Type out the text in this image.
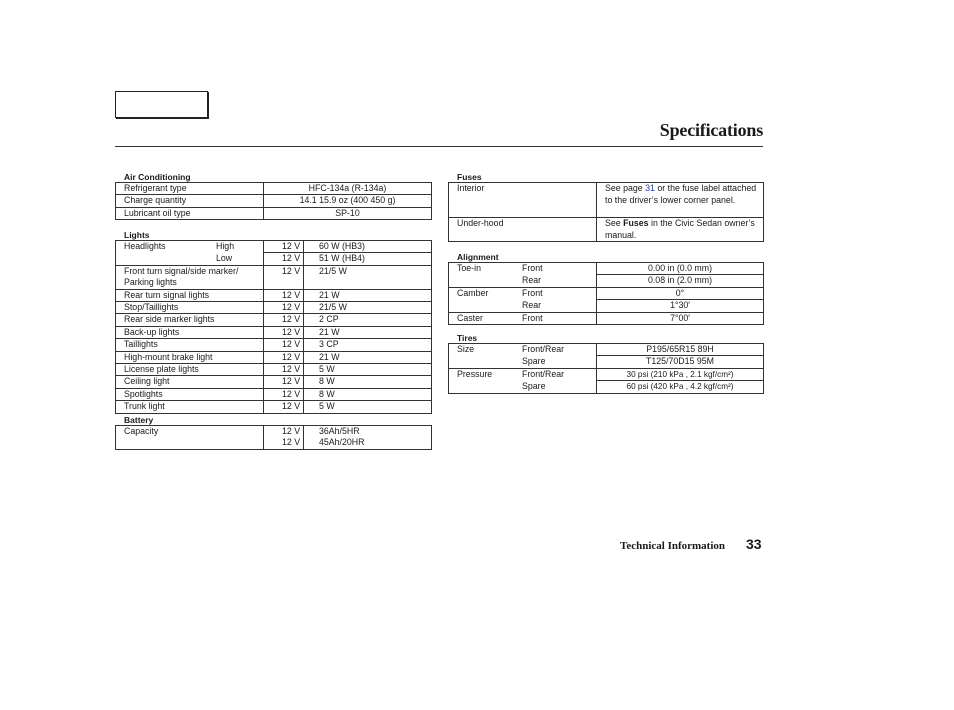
Specifications
Air Conditioning
Refrigerant type	HFC-134a (R-134a)
Charge quantity	14.1 15.9 oz (400 450 g)
Lubricant oil type	SP-10
Lights
Headlights High	12 V	60 W (HB3)
Low	12 V	51 W (HB4)
Front turn signal/side marker/	12 V	21/5 W
Parking lights		
Rear turn signal lights	12 V	21 W
Stop/Taillights	12 V	21/5 W
Rear side marker lights	12 V	2 CP
Back-up lights	12 V	21 W
Taillights	12 V	3 CP
High-mount brake light	12 V	21 W
License plate lights	12 V	5 W
Ceiling light	12 V	8 W
Spotlights	12 V	8 W
Trunk light	12 V	5 W
Battery
Capacity	12 V	36Ah/5HR
	12 V	45Ah/20HR
Fuses
Interior	See page 31 or the fuse label attached to the driver’s lower corner panel.
Under-hood	See Fuses in the Civic Sedan owner’s manual.
Alignment
Toe-in Front	0.00 in (0.0 mm)
Rear	0.08 in (2.0 mm)
Camber Front	0°
Rear	1°30′
Caster Front	7°00′
Tires
Size Front/Rear	P195/65R15 89H
Spare	T125/70D15 95M
Pressure Front/Rear	30 psi (210 kPa , 2.1 kgf/cm²)
Spare	60 psi (420 kPa , 4.2 kgf/cm²)
Technical Information 33
